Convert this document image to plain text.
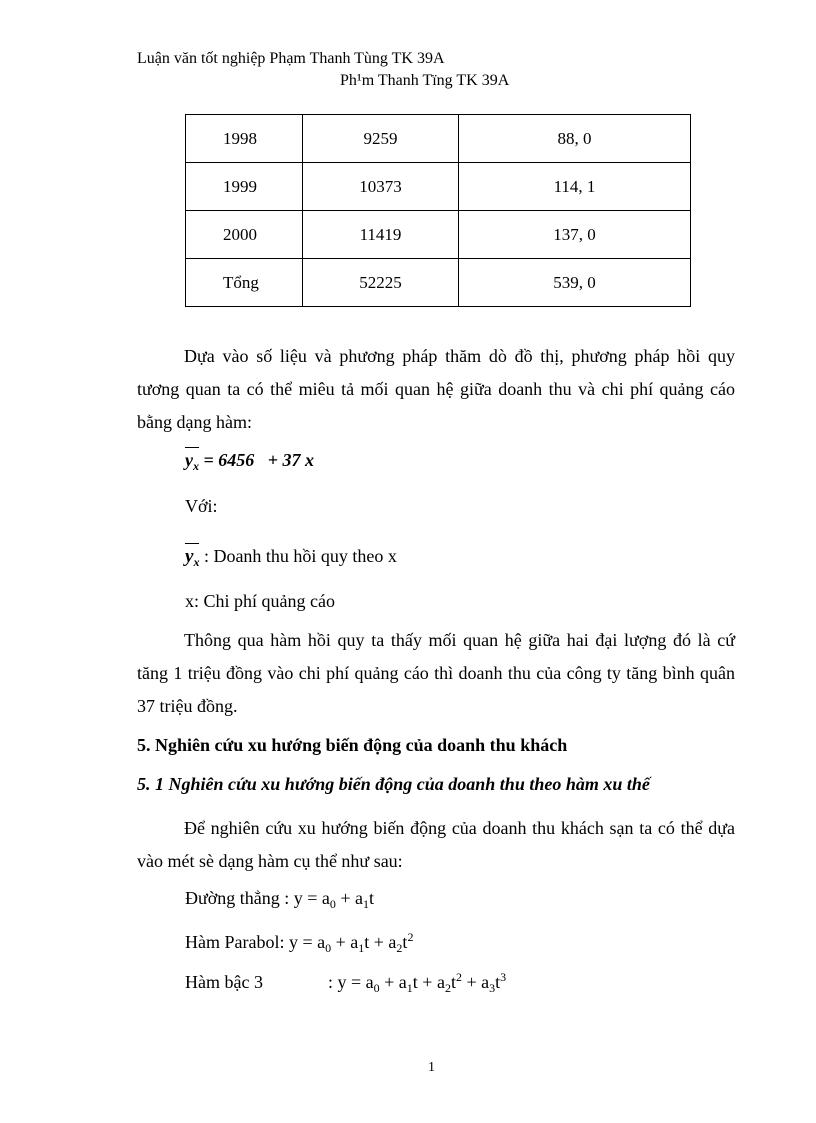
Luận văn tốt nghiệp Phạm Thanh Tùng TK 39A
Ph¹m Thanh Tïng TK 39A
1998	9259	88, 0
1999	10373	114, 1
2000	11419	137, 0
Tổng	52225	539, 0
Dựa vào số liệu và phương pháp thăm dò đồ thị, phương pháp hồi quy tương quan ta có thể miêu tả mối quan hệ giữa doanh thu và chi phí quảng cáo bằng dạng hàm:
$y_x = 6456 + 37$ x
Với:
$y_x$ : Doanh thu hồi quy theo x
x: Chi phí quảng cáo
Thông qua hàm hồi quy ta thấy mối quan hệ giữa hai đại lượng đó là cứ tăng 1 triệu đồng vào chi phí quảng cáo thì doanh thu của công ty tăng bình quân 37 triệu đồng.
5. Nghiên cứu xu hướng biến động của doanh thu khách
5. 1 Nghiên cứu xu hướng biến động của doanh thu theo hàm xu thế
Để nghiên cứu xu hướng biến động của doanh thu khách sạn ta có thể dựa vào mét sè dạng hàm cụ thể như sau:
Đường thẳng : $y = a_0 + a_1t$
Hàm Parabol: $y = a_0 + a_1t + a_2t^2$
Hàm bậc 3	: $y = a_0 + a_1t + a_2t^2 + a_3t^3$
1
